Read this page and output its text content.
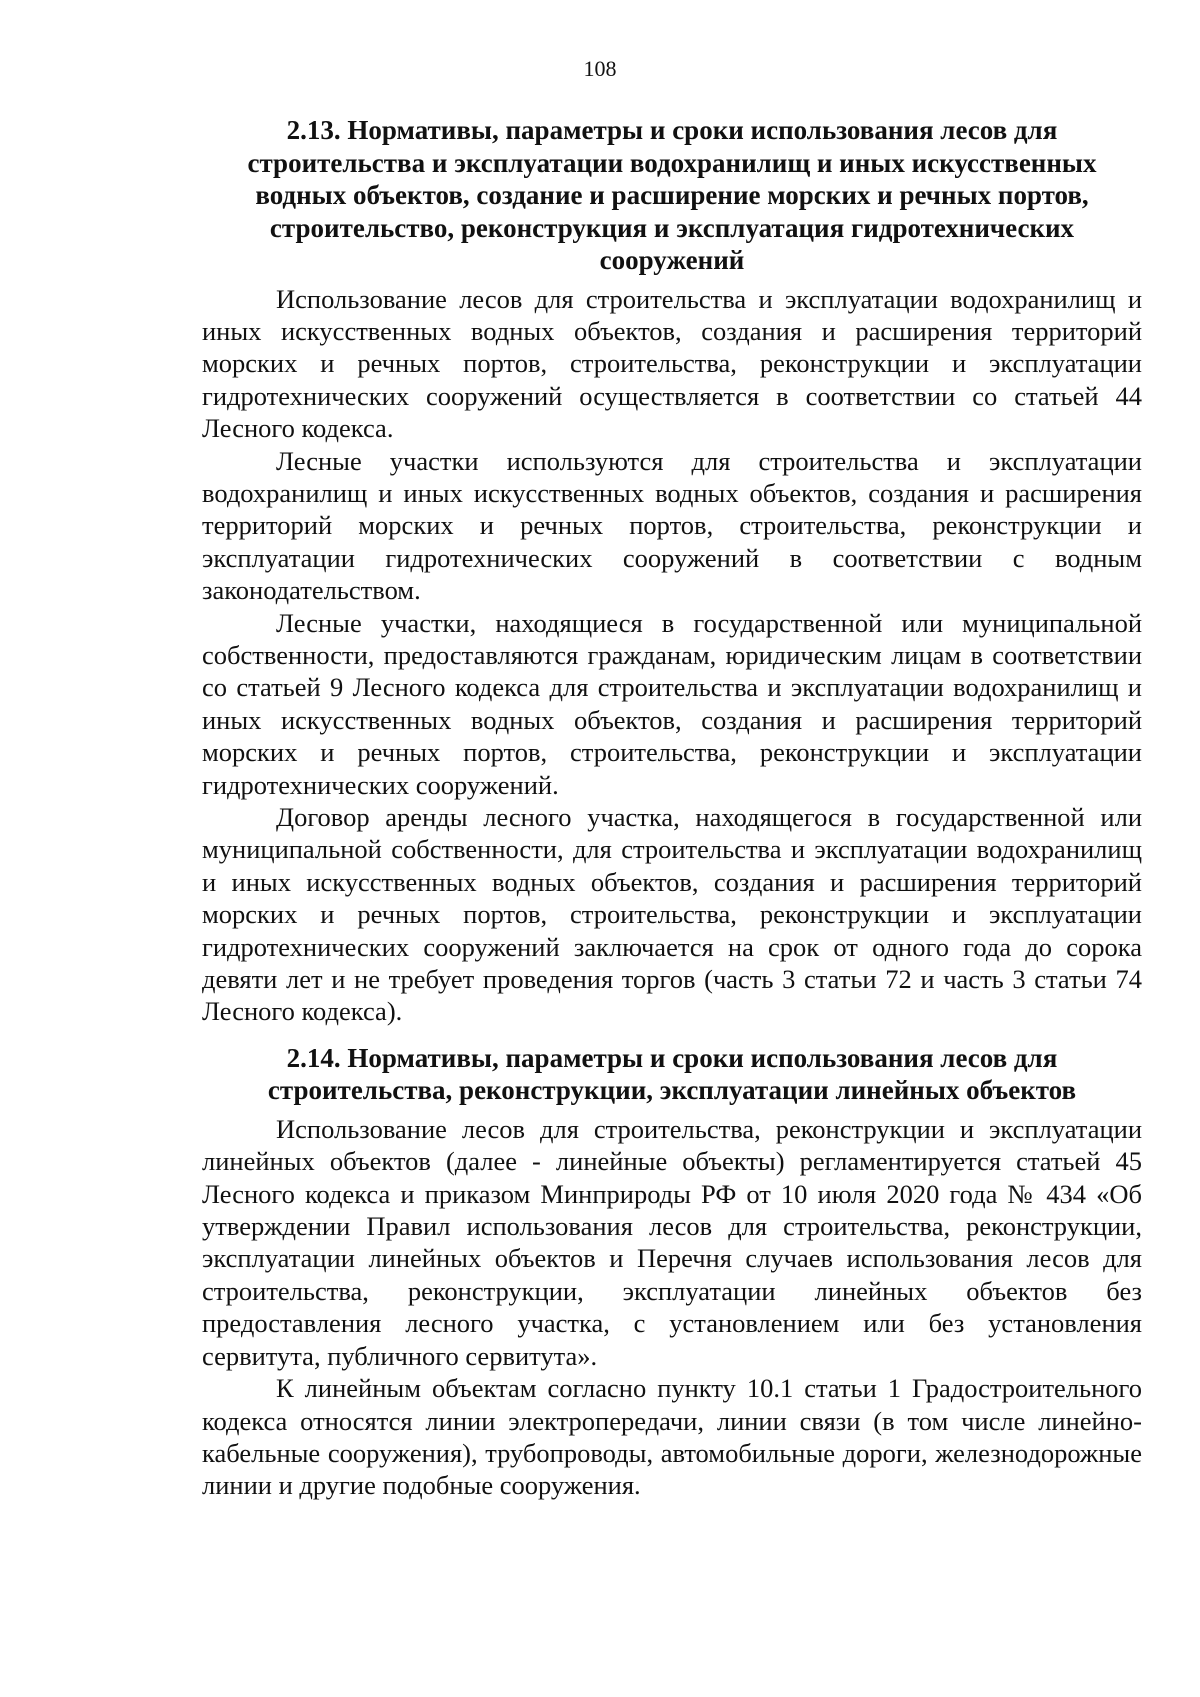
108
2.13. Нормативы, параметры и сроки использования лесов для строительства и эксплуатации водохранилищ и иных искусственных водных объектов, создание и расширение морских и речных портов, строительство, реконструкция и эксплуатация гидротехнических сооружений

Использование лесов для строительства и эксплуатации водохранилищ и иных искусственных водных объектов, создания и расширения территорий морских и речных портов, строительства, реконструкции и эксплуатации гидротехнических сооружений осуществляется в соответствии со статьей 44 Лесного кодекса.

Лесные участки используются для строительства и эксплуатации водохранилищ и иных искусственных водных объектов, создания и расширения территорий морских и речных портов, строительства, реконструкции и эксплуатации гидротехнических сооружений в соответствии с водным законодательством.

Лесные участки, находящиеся в государственной или муниципальной собственности, предоставляются гражданам, юридическим лицам в соответствии со статьей 9 Лесного кодекса для строительства и эксплуатации водохранилищ и иных искусственных водных объектов, создания и расширения территорий морских и речных портов, строительства, реконструкции и эксплуатации гидротехнических сооружений.

Договор аренды лесного участка, находящегося в государственной или муниципальной собственности, для строительства и эксплуатации водохранилищ и иных искусственных водных объектов, создания и расширения территорий морских и речных портов, строительства, реконструкции и эксплуатации гидротехнических сооружений заключается на срок от одного года до сорока девяти лет и не требует проведения торгов (часть 3 статьи 72 и часть 3 статьи 74 Лесного кодекса).

2.14. Нормативы, параметры и сроки использования лесов для строительства, реконструкции, эксплуатации линейных объектов

Использование лесов для строительства, реконструкции и эксплуатации линейных объектов (далее - линейные объекты) регламентируется статьей 45 Лесного кодекса и приказом Минприроды РФ от 10 июля 2020 года № 434 «Об утверждении Правил использования лесов для строительства, реконструкции, эксплуатации линейных объектов и Перечня случаев использования лесов для строительства, реконструкции, эксплуатации линейных объектов без предоставления лесного участка, с установлением или без установления сервитута, публичного сервитута».

К линейным объектам согласно пункту 10.1 статьи 1 Градостроительного кодекса относятся линии электропередачи, линии связи (в том числе линейно-кабельные сооружения), трубопроводы, автомобильные дороги, железнодорожные линии и другие подобные сооружения.
